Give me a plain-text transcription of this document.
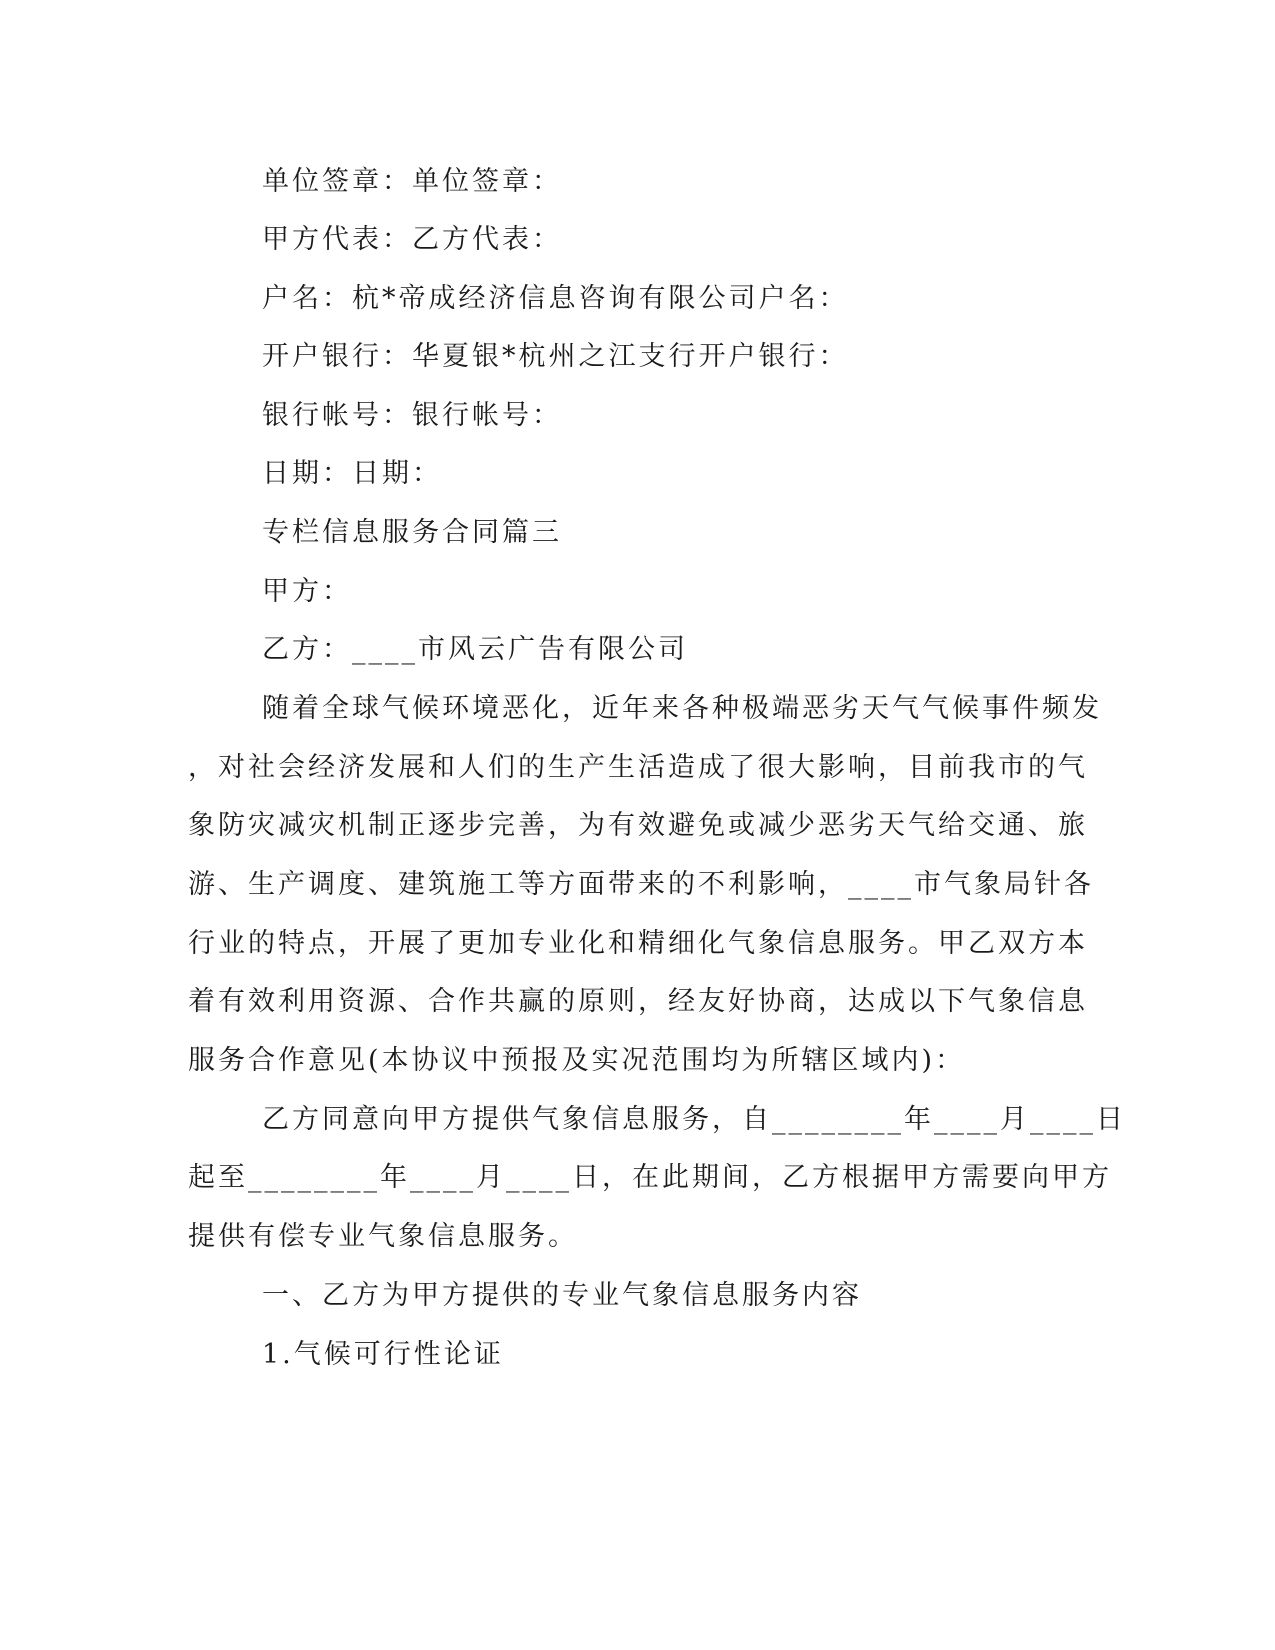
单位签章：单位签章：
甲方代表：乙方代表：
户名：杭*帝成经济信息咨询有限公司户名：
开户银行：华夏银*杭州之江支行开户银行：
银行帐号：银行帐号：
日期：日期：
专栏信息服务合同篇三
甲方：
乙方：____市风云广告有限公司
随着全球气候环境恶化，近年来各种极端恶劣天气气候事件频发
，对社会经济发展和人们的生产生活造成了很大影响，目前我市的气
象防灾减灾机制正逐步完善，为有效避免或减少恶劣天气给交通、旅
游、生产调度、建筑施工等方面带来的不利影响，____市气象局针各
行业的特点，开展了更加专业化和精细化气象信息服务。甲乙双方本
着有效利用资源、合作共赢的原则，经友好协商，达成以下气象信息
服务合作意见(本协议中预报及实况范围均为所辖区域内)：
乙方同意向甲方提供气象信息服务，自________年____月____日
起至________年____月____日，在此期间，乙方根据甲方需要向甲方
提供有偿专业气象信息服务。
一、乙方为甲方提供的专业气象信息服务内容
1.气候可行性论证
